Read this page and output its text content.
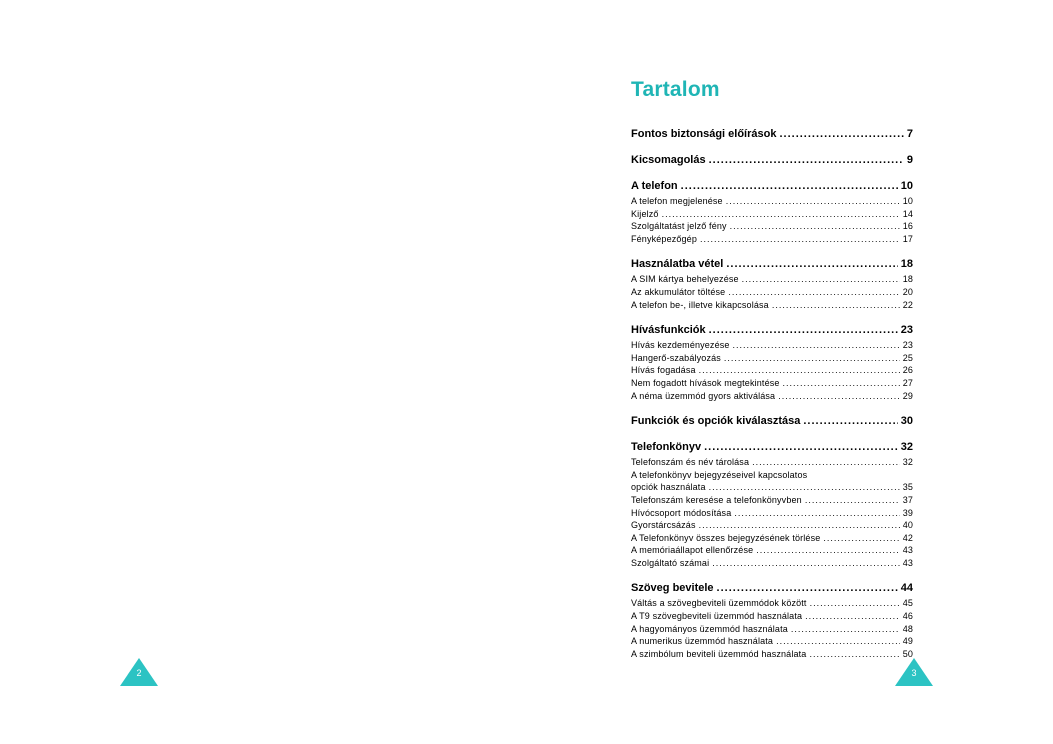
2	3
Tartalom
Fontos biztonsági előírások .....	7
Kicsomagolás .....	9
A telefon .....	10
A telefon megjelenése .....	10
Kijelző .....	14
Szolgáltatást jelző fény .....	16
Fényképezőgép .....	17
Használatba vétel .....	18
A SIM kártya behelyezése .....	18
Az akkumulátor töltése .....	20
A telefon be-, illetve kikapcsolása .....	22
Hívásfunkciók .....	23
Hívás kezdeményezése .....	23
Hangerő-szabályozás .....	25
Hívás fogadása .....	26
Nem fogadott hívások megtekintése .....	27
A néma üzemmód gyors aktiválása .....	29
Funkciók és opciók kiválasztása .....	30
Telefonkönyv .....	32
Telefonszám és név tárolása .....	32
A telefonkönyv bejegyzéseivel kapcsolatos
opciók használata .....	35
Telefonszám keresése a telefonkönyvben .....	37
Hívócsoport módosítása .....	39
Gyorstárcsázás .....	40
A Telefonkönyv összes bejegyzésének törlése .....	42
A memóriaállapot ellenőrzése .....	43
Szolgáltató számai .....	43
Szöveg bevitele .....	44
Váltás a szövegbeviteli üzemmódok között .....	45
A T9 szövegbeviteli üzemmód használata .....	46
A hagyományos üzemmód használata .....	48
A numerikus üzemmód használata .....	49
A szimbólum beviteli üzemmód használata .....	50
